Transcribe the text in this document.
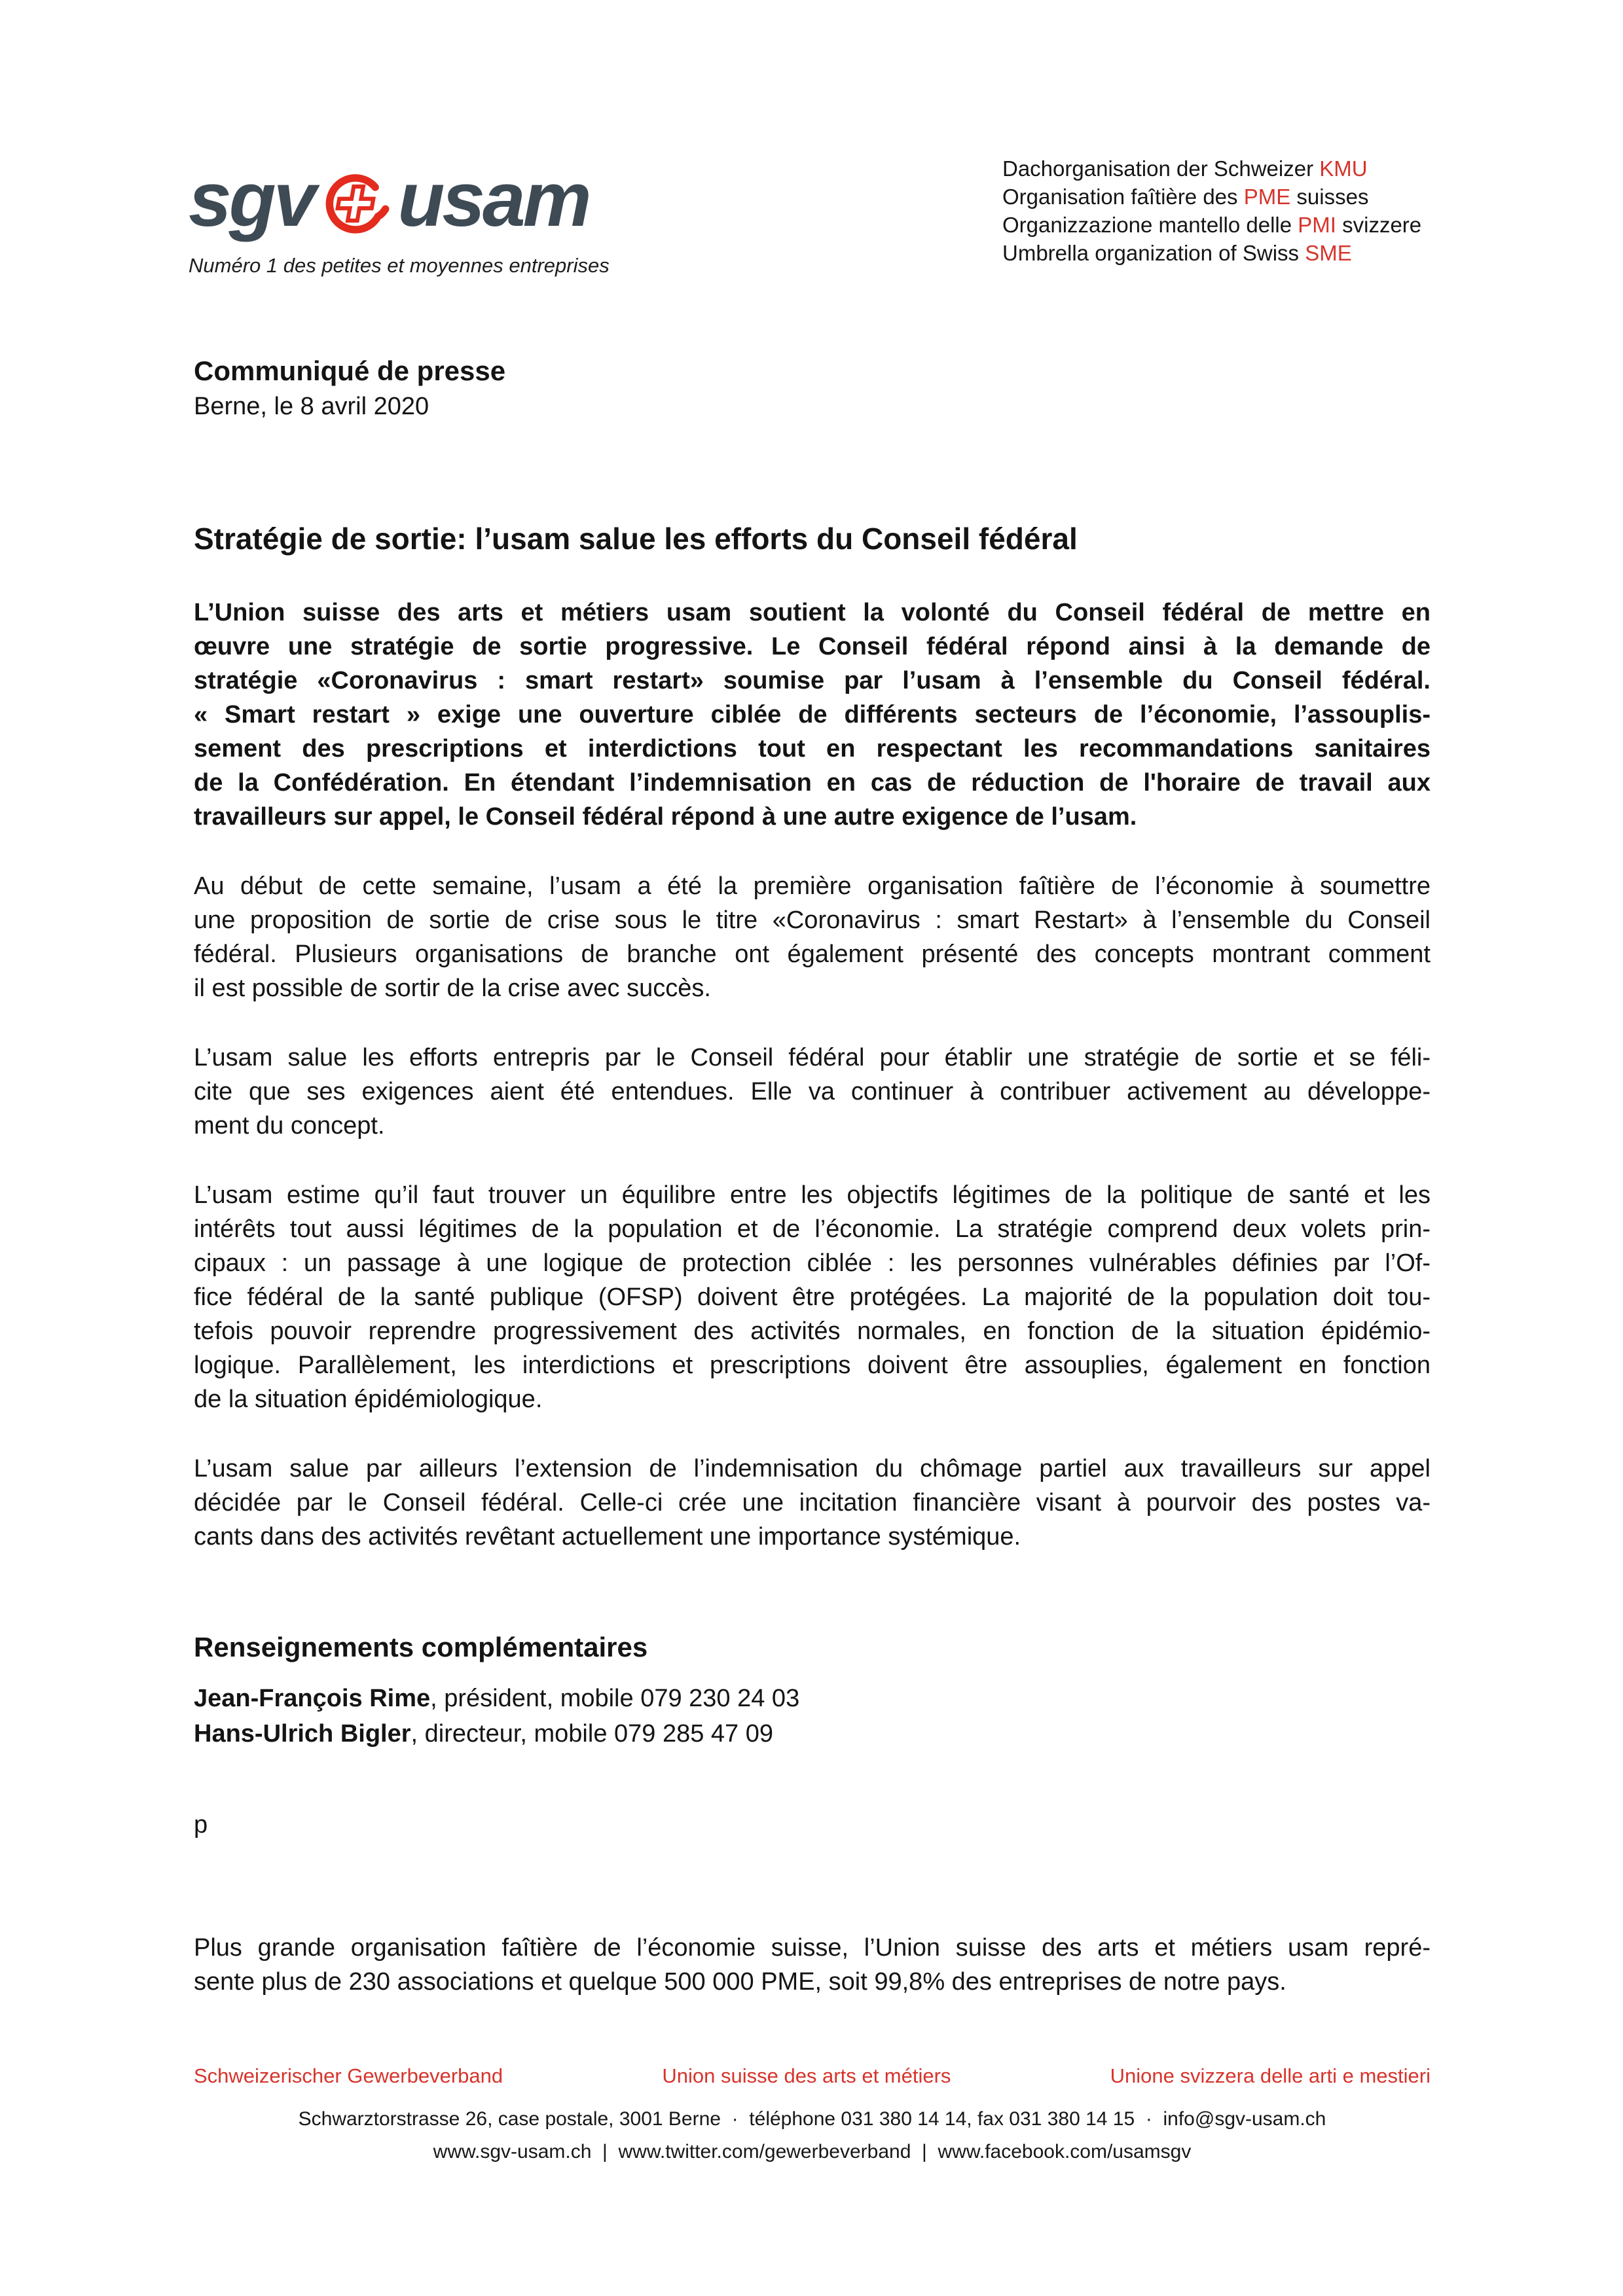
sgv usam
Numéro 1 des petites et moyennes entreprises
Dachorganisation der Schweizer KMU
Organisation faîtière des PME suisses
Organizzazione mantello delle PMI svizzere
Umbrella organization of Swiss SME
Communiqué de presse
Berne, le 8 avril 2020
Stratégie de sortie: l’usam salue les efforts du Conseil fédéral
L’Union suisse des arts et métiers usam soutient la volonté du Conseil fédéral de mettre en
œuvre une stratégie de sortie progressive. Le Conseil fédéral répond ainsi à la demande de
stratégie «Coronavirus : smart restart» soumise par l’usam à l’ensemble du Conseil fédéral.
« Smart restart » exige une ouverture ciblée de différents secteurs de l’économie, l’assouplis-
sement des prescriptions et interdictions tout en respectant les recommandations sanitaires
de la Confédération. En étendant l’indemnisation en cas de réduction de l'horaire de travail aux
travailleurs sur appel, le Conseil fédéral répond à une autre exigence de l’usam.
Au début de cette semaine, l’usam a été la première organisation faîtière de l’économie à soumettre
une proposition de sortie de crise sous le titre «Coronavirus : smart Restart» à l’ensemble du Conseil
fédéral. Plusieurs organisations de branche ont également présenté des concepts montrant comment
il est possible de sortir de la crise avec succès.
L’usam salue les efforts entrepris par le Conseil fédéral pour établir une stratégie de sortie et se féli-
cite que ses exigences aient été entendues. Elle va continuer à contribuer activement au développe-
ment du concept.
L’usam estime qu’il faut trouver un équilibre entre les objectifs légitimes de la politique de santé et les
intérêts tout aussi légitimes de la population et de l’économie. La stratégie comprend deux volets prin-
cipaux : un passage à une logique de protection ciblée : les personnes vulnérables définies par l’Of-
fice fédéral de la santé publique (OFSP) doivent être protégées. La majorité de la population doit tou-
tefois pouvoir reprendre progressivement des activités normales, en fonction de la situation épidémio-
logique. Parallèlement, les interdictions et prescriptions doivent être assouplies, également en fonction
de la situation épidémiologique.
L’usam salue par ailleurs l’extension de l’indemnisation du chômage partiel aux travailleurs sur appel
décidée par le Conseil fédéral. Celle-ci crée une incitation financière visant à pourvoir des postes va-
cants dans des activités revêtant actuellement une importance systémique.
Renseignements complémentaires
Jean-François Rime, président, mobile 079 230 24 03
Hans-Ulrich Bigler, directeur, mobile 079 285 47 09
p
Plus grande organisation faîtière de l’économie suisse, l’Union suisse des arts et métiers usam repré-
sente plus de 230 associations et quelque 500 000 PME, soit 99,8% des entreprises de notre pays.
Schweizerischer Gewerbeverband	Union suisse des arts et métiers	Unione svizzera delle arti e mestieri
Schwarztorstrasse 26, case postale, 3001 Berne  ·  téléphone 031 380 14 14, fax 031 380 14 15  ·  info@sgv-usam.ch
www.sgv-usam.ch  |  www.twitter.com/gewerbeverband  |  www.facebook.com/usamsgv
